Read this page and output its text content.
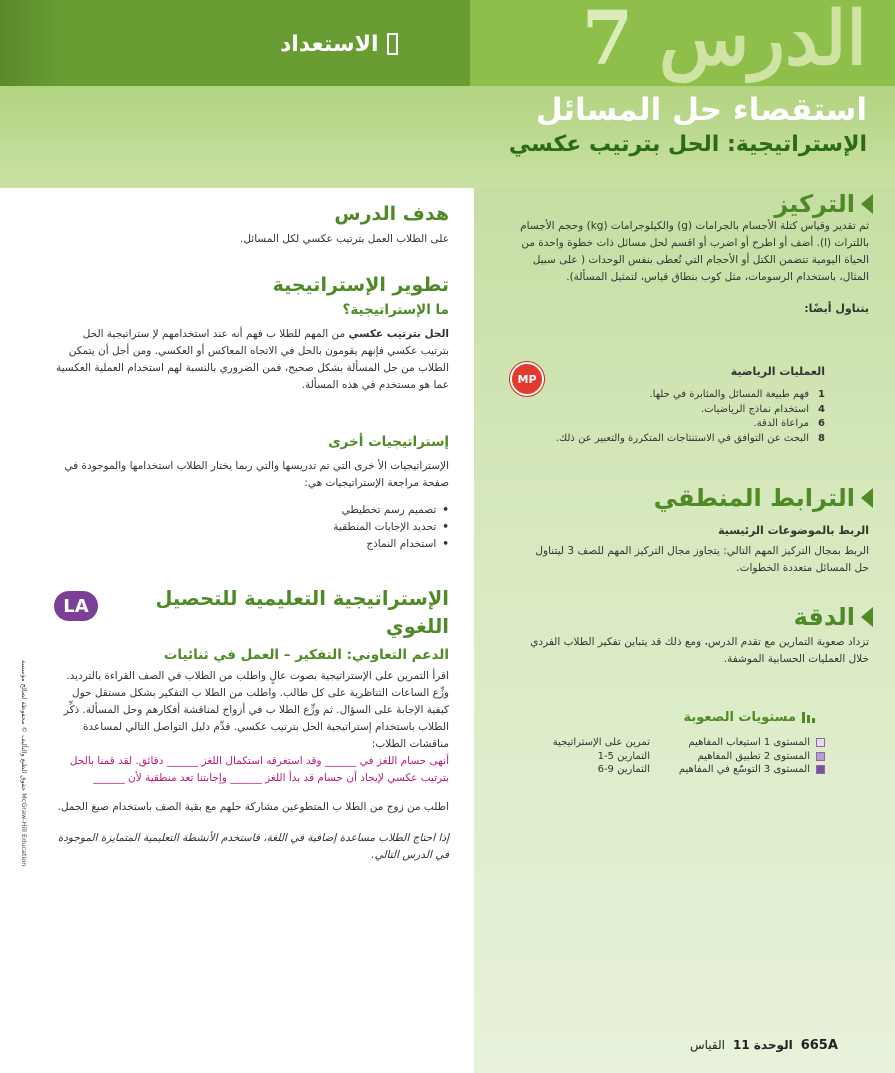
الاستعداد	الدرس 7
استقصاء حل المسائل
الإستراتيجية: الحل بترتيب عكسي
التركيز
ثم تقدير وقياس كتلة الأجسام بالجرامات (g) والكيلوجرامات (kg) وحجم الأجسام باللترات (l). أضف أو اطرح أو اضرب أو اقسم لحل مسائل ذات خطوة واحدة من الحياة اليومية تتضمن الكتل أو الأحجام التي تُعطى بنفس الوحدات ( على سبيل المثال، باستخدام الرسومات، مثل كوب بنطاق قياس، لتمثيل المسألة).
يتناول أيضًا:
MP
العمليات الرياضية
1
فهم طبيعة المسائل والمثابرة في حلها.
4
استخدام نماذج الرياضيات.
6
مراعاة الدقة.
8
البحث عن التوافق في الاستنتاجات المتكررة والتعبير عن ذلك.
الترابط المنطقي
الربط بالموضوعات الرئيسية
الربط بمجال التركيز المهم التالي: يتجاوز مجال التركيز المهم للصف 3 ليتناول حل المسائل متعددة الخطوات.
الدقة
تزداد صعوبة التمارين مع تقدم الدرس، ومع ذلك قد يتباين تفكير الطلاب الفردي خلال العمليات الحسابية الموشفة.
مستويات الصعوبة
المستوى 1 استيعاب المفاهيم
المستوى 2 تطبيق المفاهيم
المستوى 3 التوسّع في المفاهيم
تمرين على الإستراتيجية
التمارين 5-1
التمارين 9-6
هدف الدرس
على الطلاب العمل بترتيب عكسي لكل المسائل.
تطوير الإستراتيجية
ما الإستراتيجية؟
الحل بترتيب عكسي من المهم للطلا ب فهم أنه عند استخدامهم لإ ستراتيجية الحل بترتيب عكسي فإنهم يقومون بالحل في الاتجاه المعاكس أو العكسي. ومن أجل أن يتمكن الطلاب من حل المسألة بشكل صحيح، فمن الضروري بالنسبة لهم استخدام العملية العكسية عما هو مستخدم في هذه المسألة.
إستراتيجيات أخرى
الإستراتيجيات الأ خرى التي تم تدريسها والتي ربما يختار الطلاب استخدامها والموجودة في صفحة مراجعة الإستراتيجيات هي:
•
تصميم رسم تخطيطي
•
تحديد الإجابات المنطقية
•
استخدام النماذج
الإستراتيجية التعليمية للتحصيل اللغوي
LA
الدعم التعاوني: التفكير – العمل في ثنائيات
اقرأ التمرين على الإستراتيجية بصوت عالٍ واطلب من الطلاب في الصف القراءة بالترديد. وزِّع الساعات التناظرية على كل طالب. واطلب من الطلا ب التفكير بشكل مستقل حول كيفية الإجابة على السؤال. ثم وزِّع الطلا ب في أزواج لمناقشة أفكارهم وحل المسألة. ذكِّر الطلاب باستخدام إستراتيجية الحل بترتيب عكسي. قدِّم دليل التواصل التالي لمساعدة مناقشات الطلاب:
أنهى حسام اللغز في ______ وقد استغرقه استكمال اللغز ______ دقائق. لقد قمنا بالحل بترتيب عكسي لإيجاد أن حسام قد بدأ اللغز ______ وإجابتنا تعد منطقية لأن ______
اطلب من زوج من الطلا ب المتطوعين مشاركة حلهم مع بقية الصف باستخدام صيغ الجمل.
إذا احتاج الطلاب مساعدة إضافية في اللغة، فاستخدم الأنشطة التعليمية المتمايزة الموجودة في الدرس التالي.
حقوق الطبع والتأليف © محفوظة لصالح مؤسسة McGraw-Hill Education
665A
الوحدة 11
القياس
